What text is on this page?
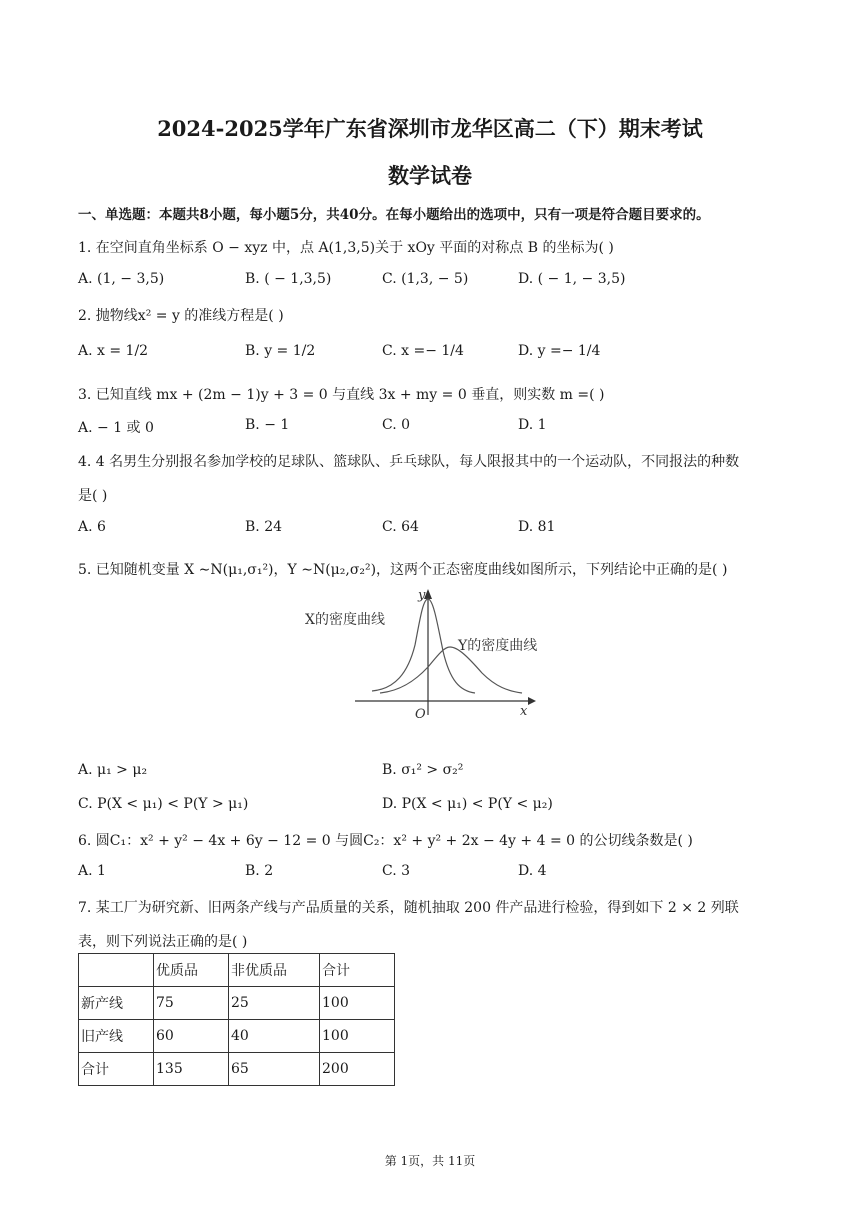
2024-2025学年广东省深圳市龙华区高二（下）期末考试
数学试卷
一、单选题：本题共8小题，每小题5分，共40分。在每小题给出的选项中，只有一项是符合题目要求的。
1. 在空间直角坐标系 O − xyz 中，点 A(1,3,5)关于 xOy 平面的对称点 B 的坐标为( )
A. (1, − 3,5)	B. ( − 1,3,5)	C. (1,3, − 5)	D. ( − 1, − 3,5)
2. 抛物线x² = y 的准线方程是( )
A. x = 1/2	B. y = 1/2	C. x =− 1/4	D. y =− 1/4
3. 已知直线 mx + (2m − 1)y + 3 = 0 与直线 3x + my = 0 垂直，则实数 m =( )
A. − 1 或 0	B. − 1	C. 0	D. 1
4. 4 名男生分别报名参加学校的足球队、篮球队、乒乓球队，每人限报其中的一个运动队，不同报法的种数
是( )
A. 6	B. 24	C. 64	D. 81
5. 已知随机变量 X ∼N(μ₁,σ₁²)，Y ∼N(μ₂,σ₂²)，这两个正态密度曲线如图所示，下列结论中正确的是( )
X的密度曲线
Y的密度曲线
y
x
O
A. μ₁ > μ₂	B. σ₁² > σ₂²
C. P(X < μ₁) < P(Y > μ₁)	D. P(X < μ₁) < P(Y < μ₂)
6. 圆C₁：x² + y² − 4x + 6y − 12 = 0 与圆C₂：x² + y² + 2x − 4y + 4 = 0 的公切线条数是( )
A. 1	B. 2	C. 3	D. 4
7. 某工厂为研究新、旧两条产线与产品质量的关系，随机抽取 200 件产品进行检验，得到如下 2 × 2 列联
表，则下列说法正确的是( )
	优质品	非优质品	合计
新产线	75	25	100
旧产线	60	40	100
合计	135	65	200
第 1页，共 11页
